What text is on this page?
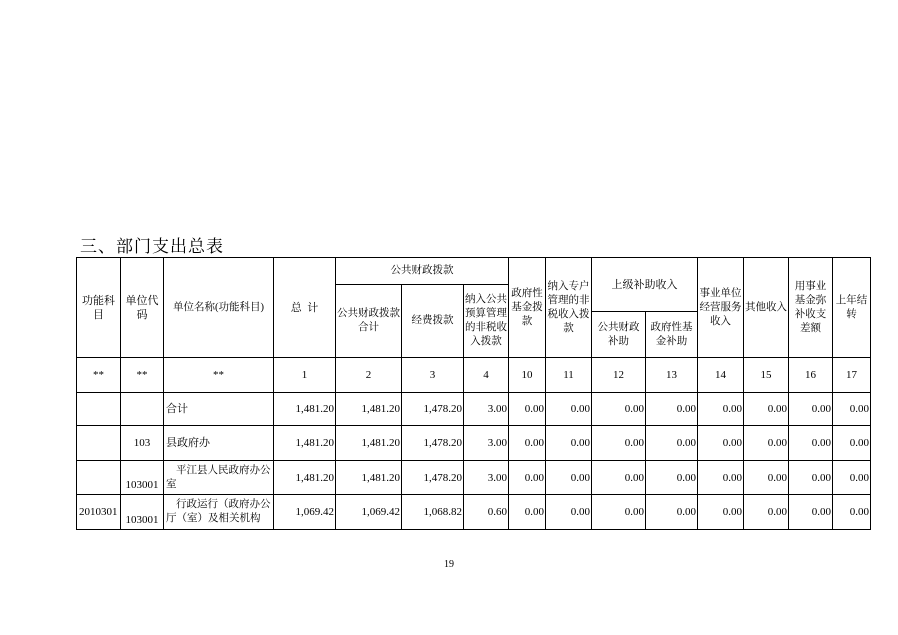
三、部门支出总表
功能科目	单位代码	单位名称(功能科目)	总  计	公共财政拨款			政府性基金拨款	纳入专户管理的非税收入拨款	上级补助收入		事业单位经营服务收入	其他收入	用事业基金弥补收支差额	上年结转
				公共财政拨款合计	经费拨款	纳入公共预算管理的非税收入拨款								
									公共财政补助	政府性基金补助				
**	**	**	1	2	3	4	10	11	12	13	14	15	16	17
		合计	1,481.20	1,481.20	1,478.20	3.00	0.00	0.00	0.00	0.00	0.00	0.00	0.00	0.00
	103	县政府办	1,481.20	1,481.20	1,478.20	3.00	0.00	0.00	0.00	0.00	0.00	0.00	0.00	0.00
	103001	平江县人民政府办公室	1,481.20	1,481.20	1,478.20	3.00	0.00	0.00	0.00	0.00	0.00	0.00	0.00	0.00
2010301	103001	行政运行（政府办公厅（室）及相关机构	1,069.42	1,069.42	1,068.82	0.60	0.00	0.00	0.00	0.00	0.00	0.00	0.00	0.00
19
